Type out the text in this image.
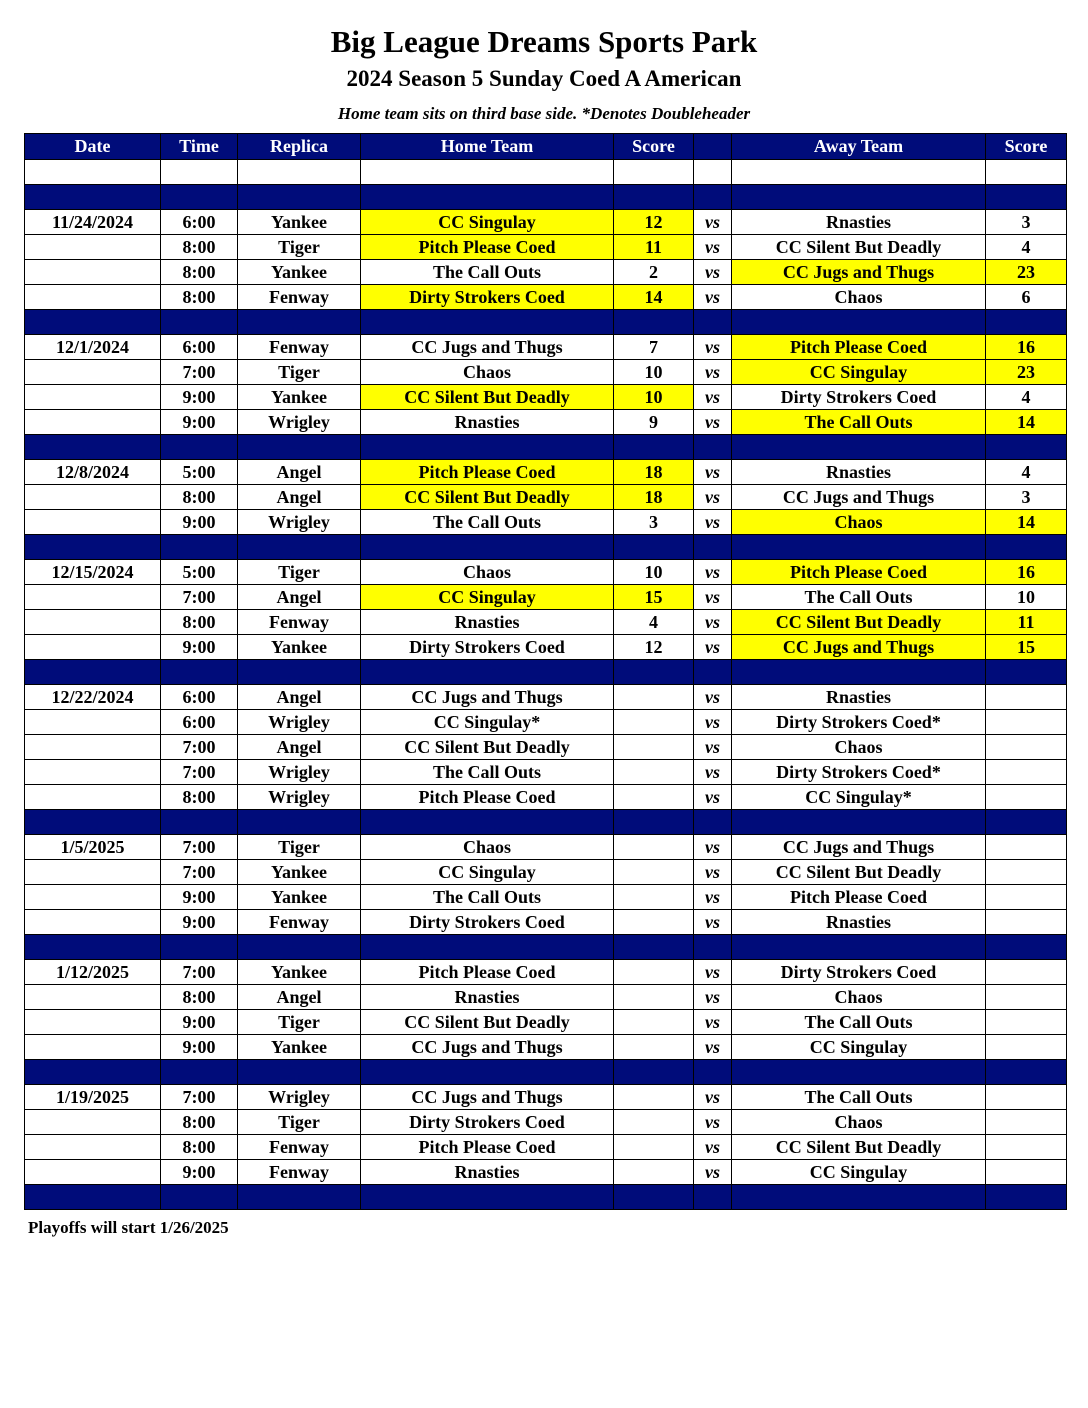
Big League Dreams Sports Park
2024 Season 5 Sunday Coed A American
Home team sits on third base side. *Denotes Doubleheader
Date	Time	Replica	Home Team	Score		Away Team	Score

11/24/2024	6:00	Yankee	CC Singulay	12	vs	Rnasties	3
	8:00	Tiger	Pitch Please Coed	11	vs	CC Silent But Deadly	4
	8:00	Yankee	The Call Outs	2	vs	CC Jugs and Thugs	23
	8:00	Fenway	Dirty Strokers Coed	14	vs	Chaos	6

12/1/2024	6:00	Fenway	CC Jugs and Thugs	7	vs	Pitch Please Coed	16
	7:00	Tiger	Chaos	10	vs	CC Singulay	23
	9:00	Yankee	CC Silent But Deadly	10	vs	Dirty Strokers Coed	4
	9:00	Wrigley	Rnasties	9	vs	The Call Outs	14

12/8/2024	5:00	Angel	Pitch Please Coed	18	vs	Rnasties	4
	8:00	Angel	CC Silent But Deadly	18	vs	CC Jugs and Thugs	3
	9:00	Wrigley	The Call Outs	3	vs	Chaos	14

12/15/2024	5:00	Tiger	Chaos	10	vs	Pitch Please Coed	16
	7:00	Angel	CC Singulay	15	vs	The Call Outs	10
	8:00	Fenway	Rnasties	4	vs	CC Silent But Deadly	11
	9:00	Yankee	Dirty Strokers Coed	12	vs	CC Jugs and Thugs	15

12/22/2024	6:00	Angel	CC Jugs and Thugs		vs	Rnasties	
	6:00	Wrigley	CC Singulay*		vs	Dirty Strokers Coed*	
	7:00	Angel	CC Silent But Deadly		vs	Chaos	
	7:00	Wrigley	The Call Outs		vs	Dirty Strokers Coed*	
	8:00	Wrigley	Pitch Please Coed		vs	CC Singulay*	

1/5/2025	7:00	Tiger	Chaos		vs	CC Jugs and Thugs	
	7:00	Yankee	CC Singulay		vs	CC Silent But Deadly	
	9:00	Yankee	The Call Outs		vs	Pitch Please Coed	
	9:00	Fenway	Dirty Strokers Coed		vs	Rnasties	

1/12/2025	7:00	Yankee	Pitch Please Coed		vs	Dirty Strokers Coed	
	8:00	Angel	Rnasties		vs	Chaos	
	9:00	Tiger	CC Silent But Deadly		vs	The Call Outs	
	9:00	Yankee	CC Jugs and Thugs		vs	CC Singulay	

1/19/2025	7:00	Wrigley	CC Jugs and Thugs		vs	The Call Outs	
	8:00	Tiger	Dirty Strokers Coed		vs	Chaos	
	8:00	Fenway	Pitch Please Coed		vs	CC Silent But Deadly	
	9:00	Fenway	Rnasties		vs	CC Singulay	

Playoffs will start 1/26/2025
